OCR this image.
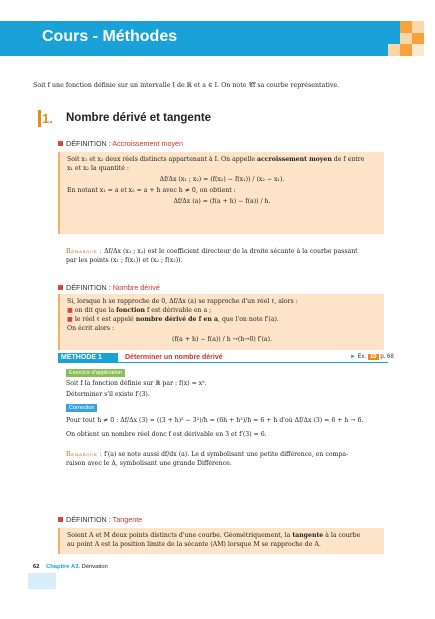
Cours - Méthodes
Soit f une fonction définie sur un intervalle I de ℝ et a ∈ I. On note 𝒞f sa courbe représentative.
1. Nombre dérivé et tangente
DÉFINITION : Accroissement moyen

Soit x₁ et x₂ deux réels distincts appartenant à I. On appelle accroissement moyen de f entre

x₁ et x₂ la quantité :

Δf/Δx (x₁ ; x₂) = (f(x₂) − f(x₁)) / (x₂ − x₁).

En notant x₁ = a et x₂ = a + h avec h ≠ 0, on obtient :

Δf/Δx (a) = (f(a + h) − f(a)) / h.

Remarque : Δf/Δx (x₁ ; x₂) est le coefficient directeur de la droite sécante à la courbe passant

par les points (x₁ ; f(x₁)) et (x₂ ; f(x₂)).

DÉFINITION : Nombre dérivé

Si, lorsque h se rapproche de 0, Δf/Δx (a) se rapproche d'un réel ℓ, alors :

■ on dit que la fonction f est dérivable en a ;

■ le réel ℓ est appelé nombre dérivé de f en a, que l'on note f′(a).

On écrit alors :

(f(a + h) − f(a)) / h →(h→0) f′(a).

MÉTHODE 1	Déterminer un nombre dérivé	► Ex. 10 p. 68
Exercice d'application
Soit f la fonction définie sur ℝ par : f(x) = x².
Déterminer s'il existe f′(3).
Correction
Pour tout h ≠ 0 : Δf/Δx (3) = ((3 + h)² − 3²)/h = (6h + h²)/h = 6 + h d'où Δf/Δx (3) = 6 + h → 6.
On obtient un nombre réel donc f est dérivable en 3 et f′(3) = 6.

Remarque : f′(a) se note aussi df/dx (a). Le d symbolisant une petite différence, en compa-

raison avec le Δ, symbolisant une grande Différence.

DÉFINITION : Tangente

Soient A et M deux points distincts d'une courbe. Géométriquement, la tangente à la courbe

au point A est la position limite de la sécante (AM) lorsque M se rapproche de A.

62 Chapitre A3. Dérivation
